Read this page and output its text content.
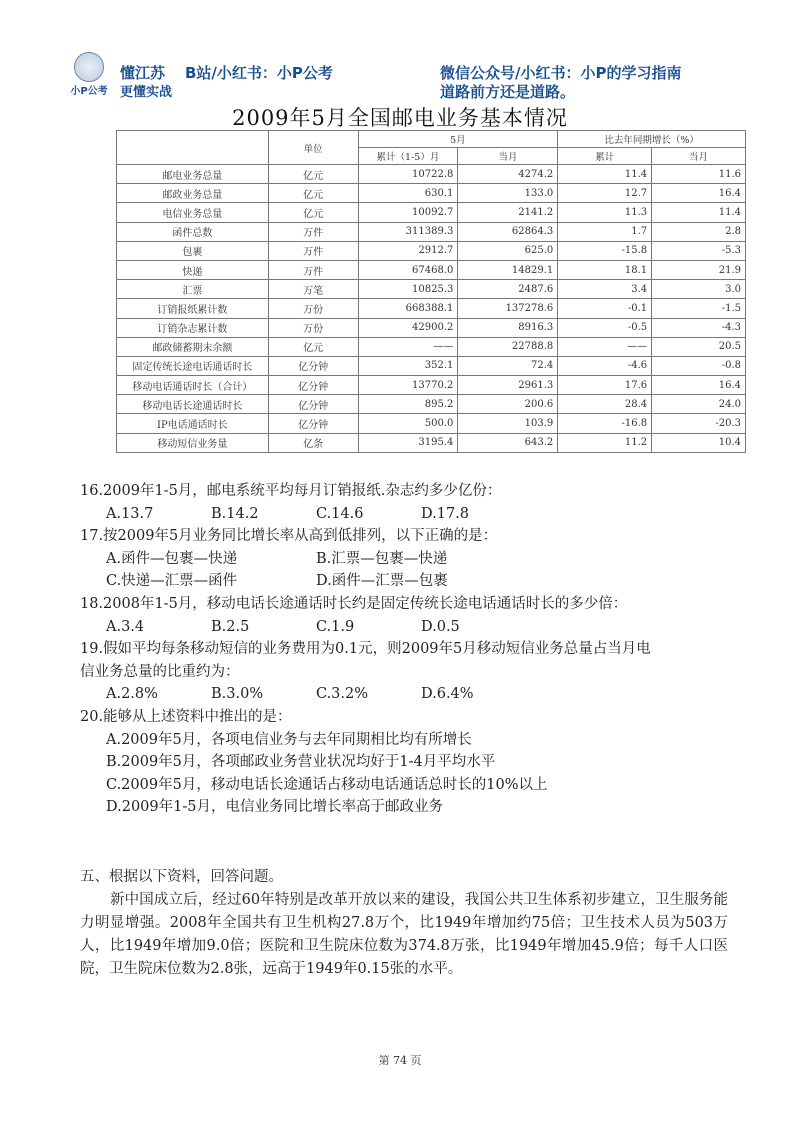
小P公考
懂江苏
更懂实战
B站/小红书：小P公考	微信公众号/小红书：小P的学习指南
道路前方还是道路。
2009年5月全国邮电业务基本情况
	单位	5月		比去年同期增长（%）	
		累计（1-5）月	当月	累计	当月
邮电业务总量	亿元	10722.8	4274.2	11.4	11.6
邮政业务总量	亿元	630.1	133.0	12.7	16.4
电信业务总量	亿元	10092.7	2141.2	11.3	11.4
函件总数	万件	311389.3	62864.3	1.7	2.8
包裹	万件	2912.7	625.0	-15.8	-5.3
快递	万件	67468.0	14829.1	18.1	21.9
汇票	万笔	10825.3	2487.6	3.4	3.0
订销报纸累计数	万份	668388.1	137278.6	-0.1	-1.5
订销杂志累计数	万份	42900.2	8916.3	-0.5	-4.3
邮政储蓄期末余额	亿元	——	22788.8	——	20.5
固定传统长途电话通话时长	亿分钟	352.1	72.4	-4.6	-0.8
移动电话通话时长（合计）	亿分钟	13770.2	2961.3	17.6	16.4
移动电话长途通话时长	亿分钟	895.2	200.6	28.4	24.0
IP电话通话时长	亿分钟	500.0	103.9	-16.8	-20.3
移动短信业务量	亿条	3195.4	643.2	11.2	10.4

16.2009年1-5月，邮电系统平均每月订销报纸.杂志约多少亿份：

A.13.7	B.14.2	C.14.6	D.17.8

17.按2009年5月业务同比增长率从高到低排列，以下正确的是：

A.函件—包裹—快递	B.汇票—包裹—快递
C.快递—汇票—函件	D.函件—汇票—包裹

18.2008年1-5月，移动电话长途通话时长约是固定传统长途电话通话时长的多少倍：

A.3.4	B.2.5	C.1.9	D.0.5

19.假如平均每条移动短信的业务费用为0.1元，则2009年5月移动短信业务总量占当月电

信业务总量的比重约为：

A.2.8%	B.3.0%	C.3.2%	D.6.4%

20.能够从上述资料中推出的是：

A.2009年5月，各项电信业务与去年同期相比均有所增长

B.2009年5月，各项邮政业务营业状况均好于1-4月平均水平

C.2009年5月，移动电话长途通话占移动电话通话总时长的10%以上

D.2009年1-5月，电信业务同比增长率高于邮政业务

五、根据以下资料，回答问题。

新中国成立后，经过60年特别是改革开放以来的建设，我国公共卫生体系初步建立，卫生服务能力明显增强。2008年全国共有卫生机构27.8万个，比1949年增加约75倍；卫生技术人员为503万人，比1949年增加9.0倍；医院和卫生院床位数为374.8万张，比1949年增加45.9倍；每千人口医院，卫生院床位数为2.8张，远高于1949年0.15张的水平。

第 74 页
